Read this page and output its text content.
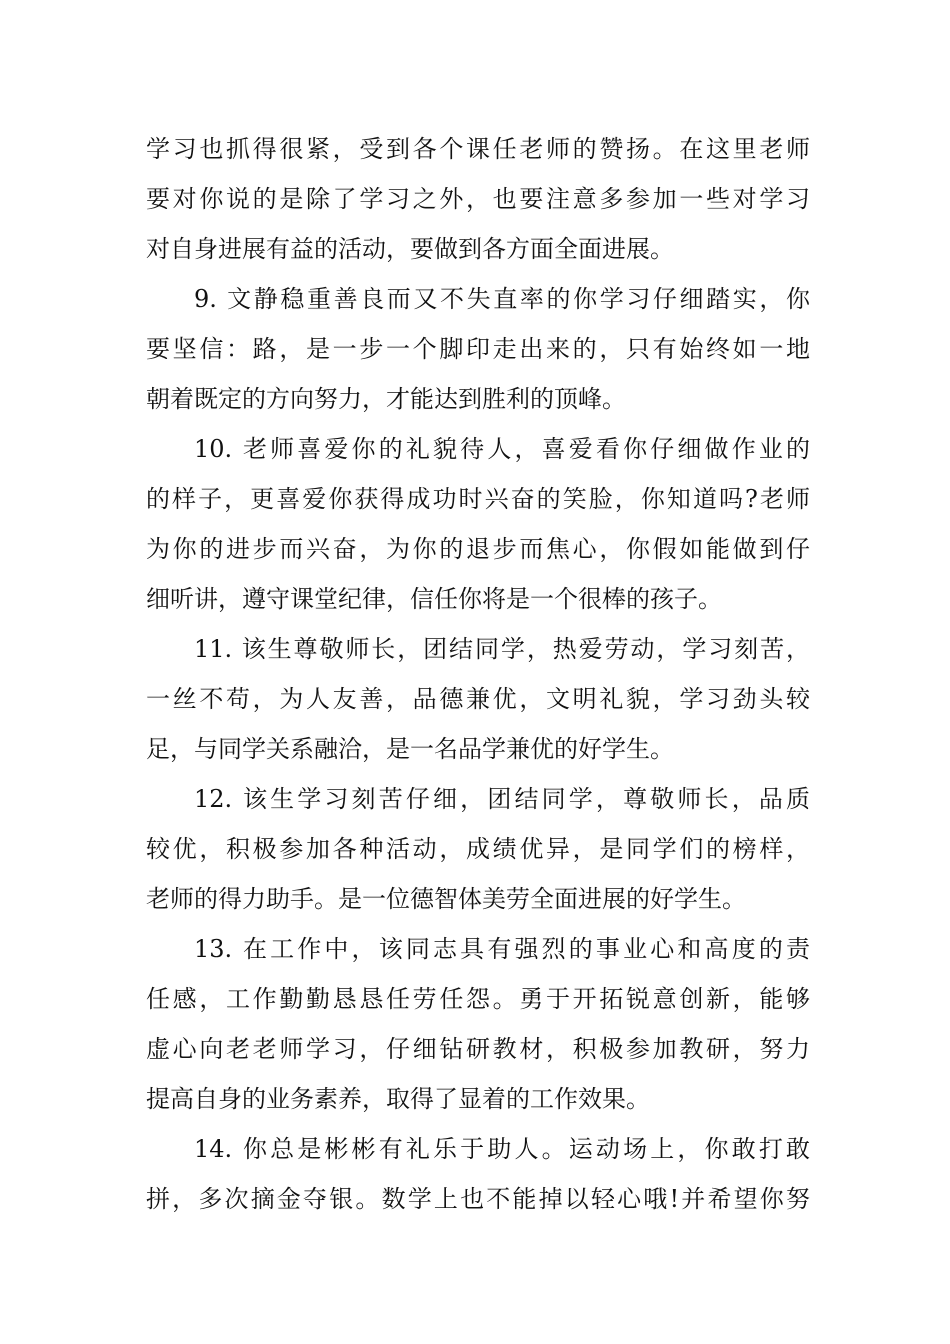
学习也抓得很紧，受到各个课任老师的赞扬。在这里老师
要对你说的是除了学习之外，也要注意多参加一些对学习
对自身进展有益的活动，要做到各方面全面进展。
9. 文静稳重善良而又不失直率的你学习仔细踏实，你
要坚信：路，是一步一个脚印走出来的，只有始终如一地
朝着既定的方向努力，才能达到胜利的顶峰。
10. 老师喜爱你的礼貌待人，喜爱看你仔细做作业的
的样子，更喜爱你获得成功时兴奋的笑脸，你知道吗?老师
为你的进步而兴奋，为你的退步而焦心，你假如能做到仔
细听讲，遵守课堂纪律，信任你将是一个很棒的孩子。
11. 该生尊敬师长，团结同学，热爱劳动，学习刻苦，
一丝不苟，为人友善，品德兼优，文明礼貌，学习劲头较
足，与同学关系融洽，是一名品学兼优的好学生。
12. 该生学习刻苦仔细，团结同学，尊敬师长，品质
较优，积极参加各种活动，成绩优异，是同学们的榜样，
老师的得力助手。是一位德智体美劳全面进展的好学生。
13. 在工作中，该同志具有强烈的事业心和高度的责
任感，工作勤勤恳恳任劳任怨。勇于开拓锐意创新，能够
虚心向老老师学习，仔细钻研教材，积极参加教研，努力
提高自身的业务素养，取得了显着的工作效果。
14. 你总是彬彬有礼乐于助人。运动场上，你敢打敢
拼，多次摘金夺银。数学上也不能掉以轻心哦!并希望你努
